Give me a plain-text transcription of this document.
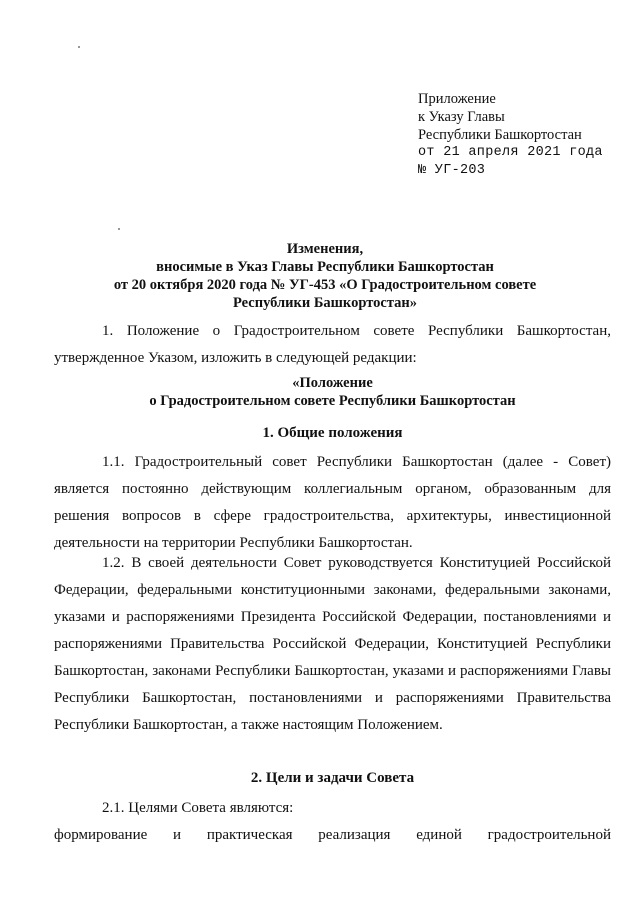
Приложение
к Указу Главы
Республики Башкортостан
от 21 апреля 2021 года
№ УГ-203
Изменения,
вносимые в Указ Главы Республики Башкортостан
от 20 октября 2020 года № УГ-453 «О Градостроительном совете
Республики Башкортостан»
1. Положение о Градостроительном совете Республики Башкортостан, утвержденное Указом, изложить в следующей редакции:
«Положение
о Градостроительном совете Республики Башкортостан
1. Общие положения
1.1. Градостроительный совет Республики Башкортостан (далее - Совет) является постоянно действующим коллегиальным органом, образованным для решения вопросов в сфере градостроительства, архитектуры, инвестиционной деятельности на территории Республики Башкортостан.
1.2. В своей деятельности Совет руководствуется Конституцией Российской Федерации, федеральными конституционными законами, федеральными законами, указами и распоряжениями Президента Российской Федерации, постановлениями и распоряжениями Правительства Российской Федерации, Конституцией Республики Башкортостан, законами Республики Башкортостан, указами и распоряжениями Главы Республики Башкортостан, постановлениями и распоряжениями Правительства Республики Башкортостан, а также настоящим Положением.
2. Цели и задачи Совета
2.1. Целями Совета являются:
формирование и практическая реализация единой градостроительной
